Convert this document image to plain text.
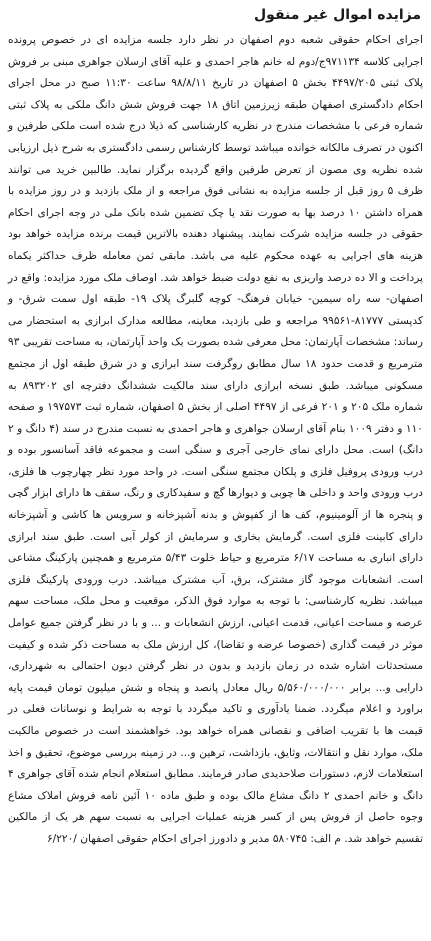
مزایده اموال غیر منقول

اجرای احکام حقوقی شعبه دوم اصفهان در نظر دارد جلسه مزایده ای در خصوص پرونده اجرایی کلاسه ۹۷۱۱۳۴ج/دوم له خانم هاجر احمدی و علیه آقای ارسلان جواهری مبنی بر فروش پلاک ثبتی ۴۴۹۷/۲۰۵ بخش ۵ اصفهان در تاریخ ۹۸/۸/۱۱ ساعت ۱۱:۳۰ صبح در محل اجرای احکام دادگستری اصفهان طبقه زیرزمین اتاق ۱۸ جهت فروش شش دانگ ملکی به پلاک ثبتی شماره فرعی با مشخصات مندرج در نظریه کارشناسی که ذیلا درج شده است ملکی طرفین و اکنون در تصرف مالکانه خوانده میباشد توسط کارشناس رسمی دادگستری به شرح ذیل ارزیابی شده نظریه وی مصون از تعرض طرفین واقع گردیده برگزار نماید. طالبین خرید می توانند ظرف ۵ روز قبل از جلسه مزایده به نشانی فوق مراجعه و از ملک بازدید و در روز مزایده با همراه داشتن ۱۰ درصد بها به صورت نقد یا چک تضمین شده بانک ملی در وجه اجرای احکام حقوقی در جلسه مزایده شرکت نمایند. پیشنهاد دهنده بالاترین قیمت برنده مزایده خواهد بود هزینه های اجرایی به عهده محکوم علیه می باشد. مابقی ثمن معامله ظرف حداکثر یکماه پرداخت و الا ده درصد واریزی به نفع دولت ضبط خواهد شد. اوصاف ملک مورد مزایده: واقع در اصفهان- سه راه سیمین- خیابان فرهنگ- کوچه گلبرگ پلاک ۱۹- طبقه اول سمت شرق- و کدپستی ۸۱۷۷۷-۹۹۵۶۱ مراجعه و طی بازدید، معاینه، مطالعه مدارک ابرازی به استحضار می رساند: مشخصات آپارتمان: محل معرفی شده بصورت یک واحد آپارتمان، به مساحت تقریبی ۹۳ مترمربع و قدمت حدود ۱۸ سال مطابق روگرفت سند ابرازی و در شرق طبقه اول از مجتمع مسکونی میباشد. طبق نسخه ابرازی دارای سند مالکیت ششدانگ دفترچه ای ۸۹۳۲۰۲ به شماره ملک ۲۰۵ و ۲۰۱ فرعی از ۴۴۹۷ اصلی از بخش ۵ اصفهان، شماره ثبت ۱۹۷۵۷۳ و صفحه ۱۱۰ و دفتر ۱۰۰۹ بنام آقای ارسلان جواهری و هاجر احمدی به نسبت مندرج در سند (۴ دانگ و ۲ دانگ) است. محل دارای نمای خارجی آجری و سنگی است و مجموعه فاقد آسانسور بوده و درب ورودی پروفیل فلزی و پلکان مجتمع سنگی است. در واحد مورد نظر چهارچوب ها فلزی، درب ورودی واحد و داخلی ها چوبی و دیوارها گچ و سفیدکاری و رنگ، سقف ها دارای ابزار گچی و پنجره ها از آلومینیوم، کف ها از کفپوش و بدنه آشپزخانه و سرویس ها کاشی و آشپزخانه دارای کابینت فلزی است. گرمایش بخاری و سرمایش از کولر آبی است. طبق سند ابرازی دارای انباری به مساحت ۶/۱۷ مترمربع و حیاط خلوت ۵/۴۳ مترمربع و همچنین پارکینگ مشاعی است. انشعابات موجود گاز مشترک، برق، آب مشترک میباشد. درب ورودی پارکینگ فلزی میباشد. نظریه کارشناسی: با توجه به موارد فوق الذکر، موقعیت و محل ملک، مساحت سهم عرصه و مساحت اعیانی، قدمت اعیانی، ارزش انشعابات و ... و با در نظر گرفتن جمیع عوامل موثر در قیمت گذاری (خصوصا عرضه و تقاضا)، کل ارزش ملک به مساحت ذکر شده و کیفیت مستحدثات اشاره شده در زمان بازدید و بدون در نظر گرفتن دیون احتمالی به شهرداری، دارایی و... برابر ۵/۵۶۰/۰۰۰/۰۰۰ ریال معادل پانصد و پنجاه و شش میلیون تومان قیمت پایه براورد و اعلام میگردد. ضمنا یادآوری و تاکید میگردد با توجه به شرایط و نوسانات فعلی در قیمت ها با تقریب اضافی و نقصانی همراه خواهد بود. خواهشمند است در خصوص مالکیت ملک، موارد نقل و انتقالات، وثایق، بازداشت، ترهین و... در زمینه بررسی موضوع، تحقیق و اخذ استعلامات لازم، دستورات صلاحدیدی صادر فرمایند. مطابق استعلام انجام شده آقای جواهری ۴ دانگ و خانم احمدی ۲ دانگ مشاع مالک بوده و طبق ماده ۱۰ آئین نامه فروش املاک مشاع وجوه حاصل از فروش پس از کسر هزینه عملیات اجرایی به نسبت سهم هر یک از مالکین تقسیم خواهد شد. م الف: ۵۸۰۷۴۵ مدیر و دادورز اجرای احکام حقوقی اصفهان /۶/۲۲۰
